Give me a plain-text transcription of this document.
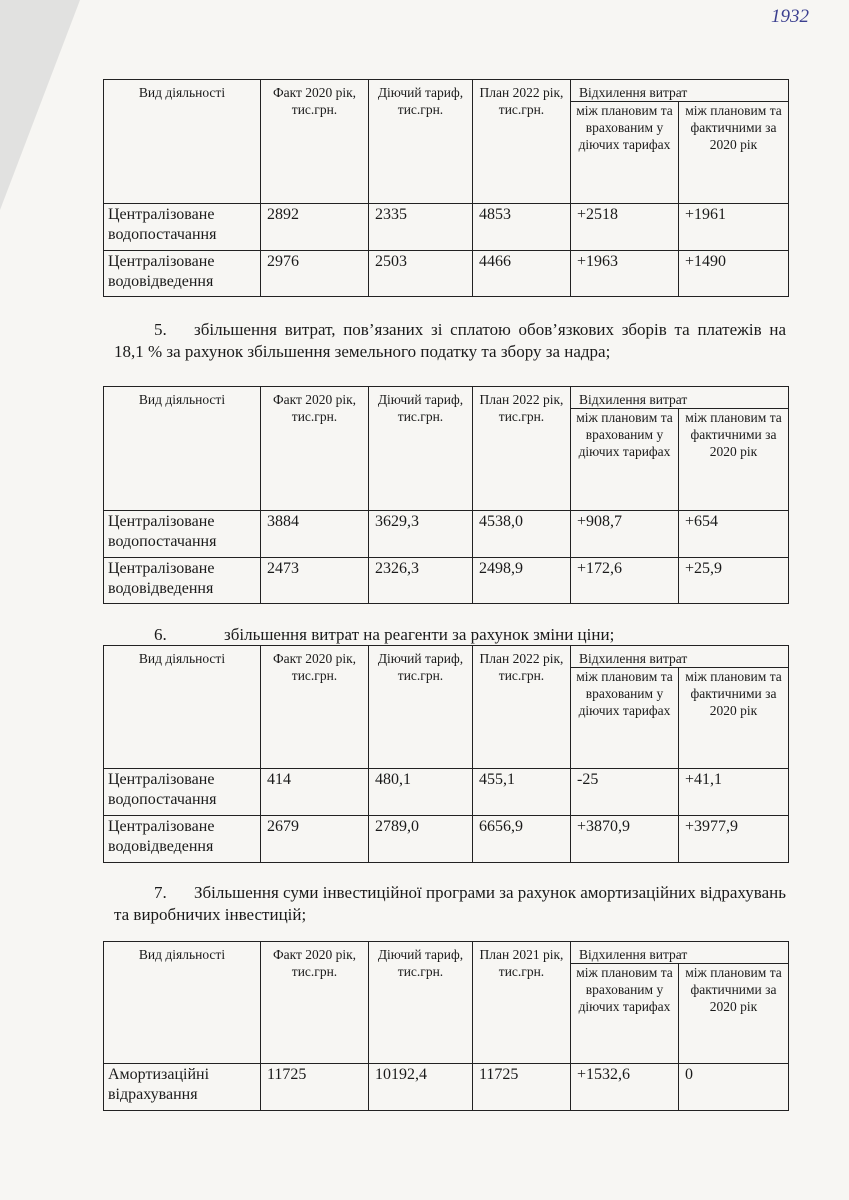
1932
Вид діяльності	Факт 2020 рік, тис.грн.	Діючий тариф, тис.грн.	План 2022 рік, тис.грн.	Відхилення витрат	
				між плановим та врахованим у діючих тарифах	між плановим та фактичними за 2020 рік
Централізоване водопостачання	2892	2335	4853	+2518	+1961
Централізоване водовідведення	2976	2503	4466	+1963	+1490
5. збільшення витрат, пов’язаних зі сплатою обов’язкових зборів та платежів на 18,1 % за рахунок збільшення земельного податку та збору за надра;
Вид діяльності	Факт 2020 рік, тис.грн.	Діючий тариф, тис.грн.	План 2022 рік, тис.грн.	Відхилення витрат	
				між плановим та врахованим у діючих тарифах	між плановим та фактичними за 2020 рік
Централізоване водопостачання	3884	3629,3	4538,0	+908,7	+654
Централізоване водовідведення	2473	2326,3	2498,9	+172,6	+25,9
6.	збільшення витрат на реагенти за рахунок зміни ціни;
Вид діяльності	Факт 2020 рік, тис.грн.	Діючий тариф, тис.грн.	План 2022 рік, тис.грн.	Відхилення витрат	
				між плановим та врахованим у діючих тарифах	між плановим та фактичними за 2020 рік
Централізоване водопостачання	414	480,1	455,1	-25	+41,1
Централізоване водовідведення	2679	2789,0	6656,9	+3870,9	+3977,9
7. Збільшення суми інвестиційної програми за рахунок амортизаційних відрахувань та виробничих інвестицій;
Вид діяльності	Факт 2020 рік, тис.грн.	Діючий тариф, тис.грн.	План 2021 рік, тис.грн.	Відхилення витрат	
				між плановим та врахованим у діючих тарифах	між плановим та фактичними за 2020 рік
Амортизаційні відрахування	11725	10192,4	11725	+1532,6	0
